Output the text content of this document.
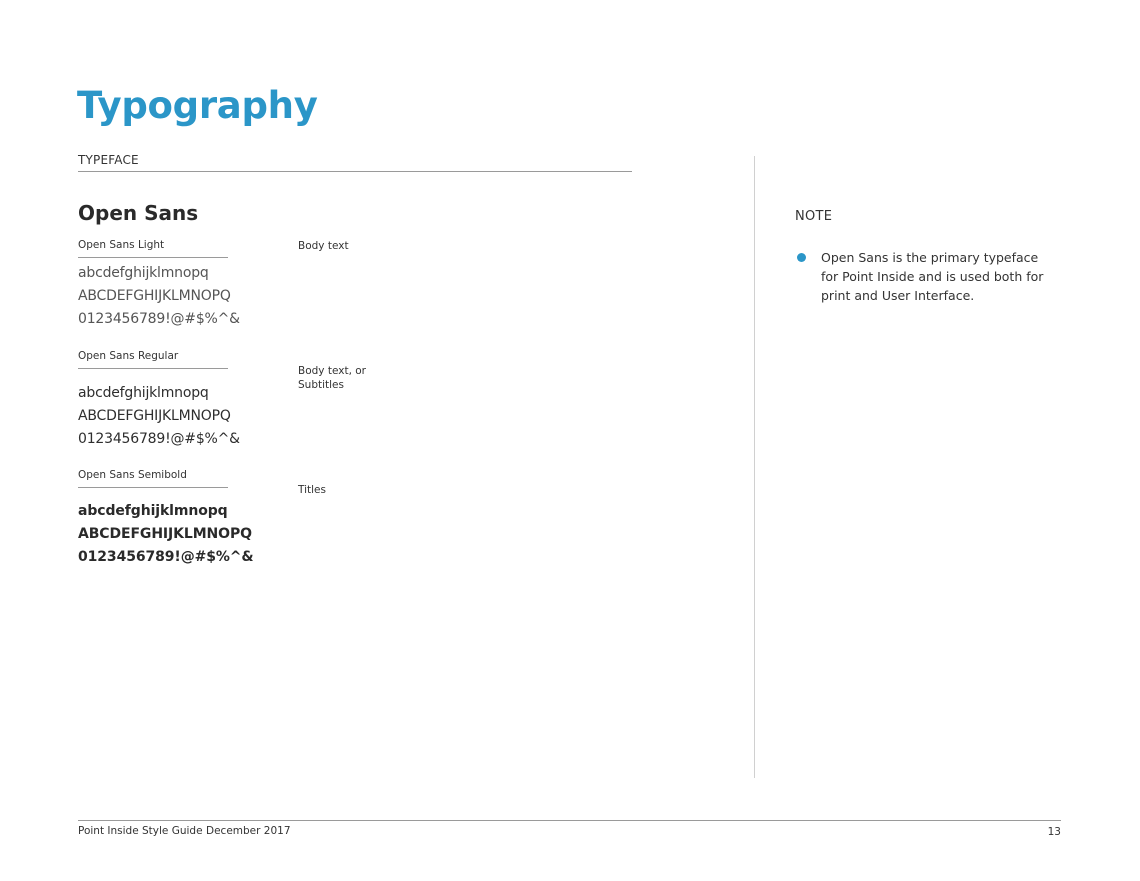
Typography
TYPEFACE
Open Sans
Open Sans Light
abcdefghijklmnopq
ABCDEFGHIJKLMNOPQ
0123456789!@#$%^&
Body text
Open Sans Regular
abcdefghijklmnopq
ABCDEFGHIJKLMNOPQ
0123456789!@#$%^&
Body text, or Subtitles
Open Sans Semibold
abcdefghijklmnopq
ABCDEFGHIJKLMNOPQ
0123456789!@#$%^&
Titles
NOTE
Open Sans is the primary typeface for Point Inside and is used both for print and User Interface.
Point Inside Style Guide December 2017	13
